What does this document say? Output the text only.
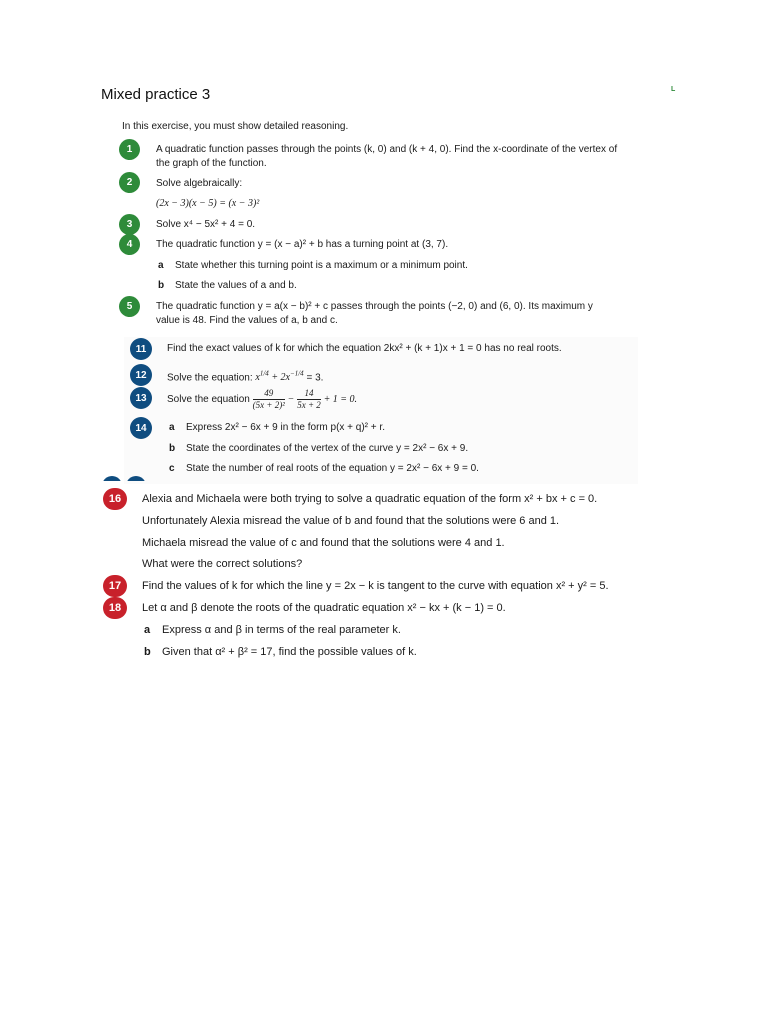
Mixed practice 3	L
In this exercise, you must show detailed reasoning.
1	A quadratic function passes through the points (k, 0) and (k + 4, 0). Find the x-coordinate of the vertex of
the graph of the function.
2	Solve algebraically:
(2x − 3)(x − 5) = (x − 3)²
3	Solve x⁴ − 5x² + 4 = 0.
4	The quadratic function y = (x − a)² + b has a turning point at (3, 7).
a State whether this turning point is a maximum or a minimum point.
b State the values of a and b.
5	The quadratic function y = a(x − b)² + c passes through the points (−2, 0) and (6, 0). Its maximum y
value is 48. Find the values of a, b and c.
11	Find the exact values of k for which the equation 2kx² + (k + 1)x + 1 = 0 has no real roots.
12	Solve the equation: $x^{1/4} + 2x^{-1/4} = 3$.
13	Solve the equation $\frac{49}{\text{(5x + 2)²}} - \frac{14}{5x + 2} + 1 = 0$.
14	a Express 2x² − 6x + 9 in the form p(x + q)² + r.
b State the coordinates of the vertex of the curve y = 2x² − 6x + 9.
c State the number of real roots of the equation y = 2x² − 6x + 9 = 0.
16	Alexia and Michaela were both trying to solve a quadratic equation of the form x² + bx + c = 0.
Unfortunately Alexia misread the value of b and found that the solutions were 6 and 1.
Michaela misread the value of c and found that the solutions were 4 and 1.
What were the correct solutions?
17	Find the values of k for which the line y = 2x − k is tangent to the curve with equation x² + y² = 5.
18	Let α and β denote the roots of the quadratic equation x² − kx + (k − 1) = 0.
a Express α and β in terms of the real parameter k.
b Given that α² + β² = 17, find the possible values of k.
